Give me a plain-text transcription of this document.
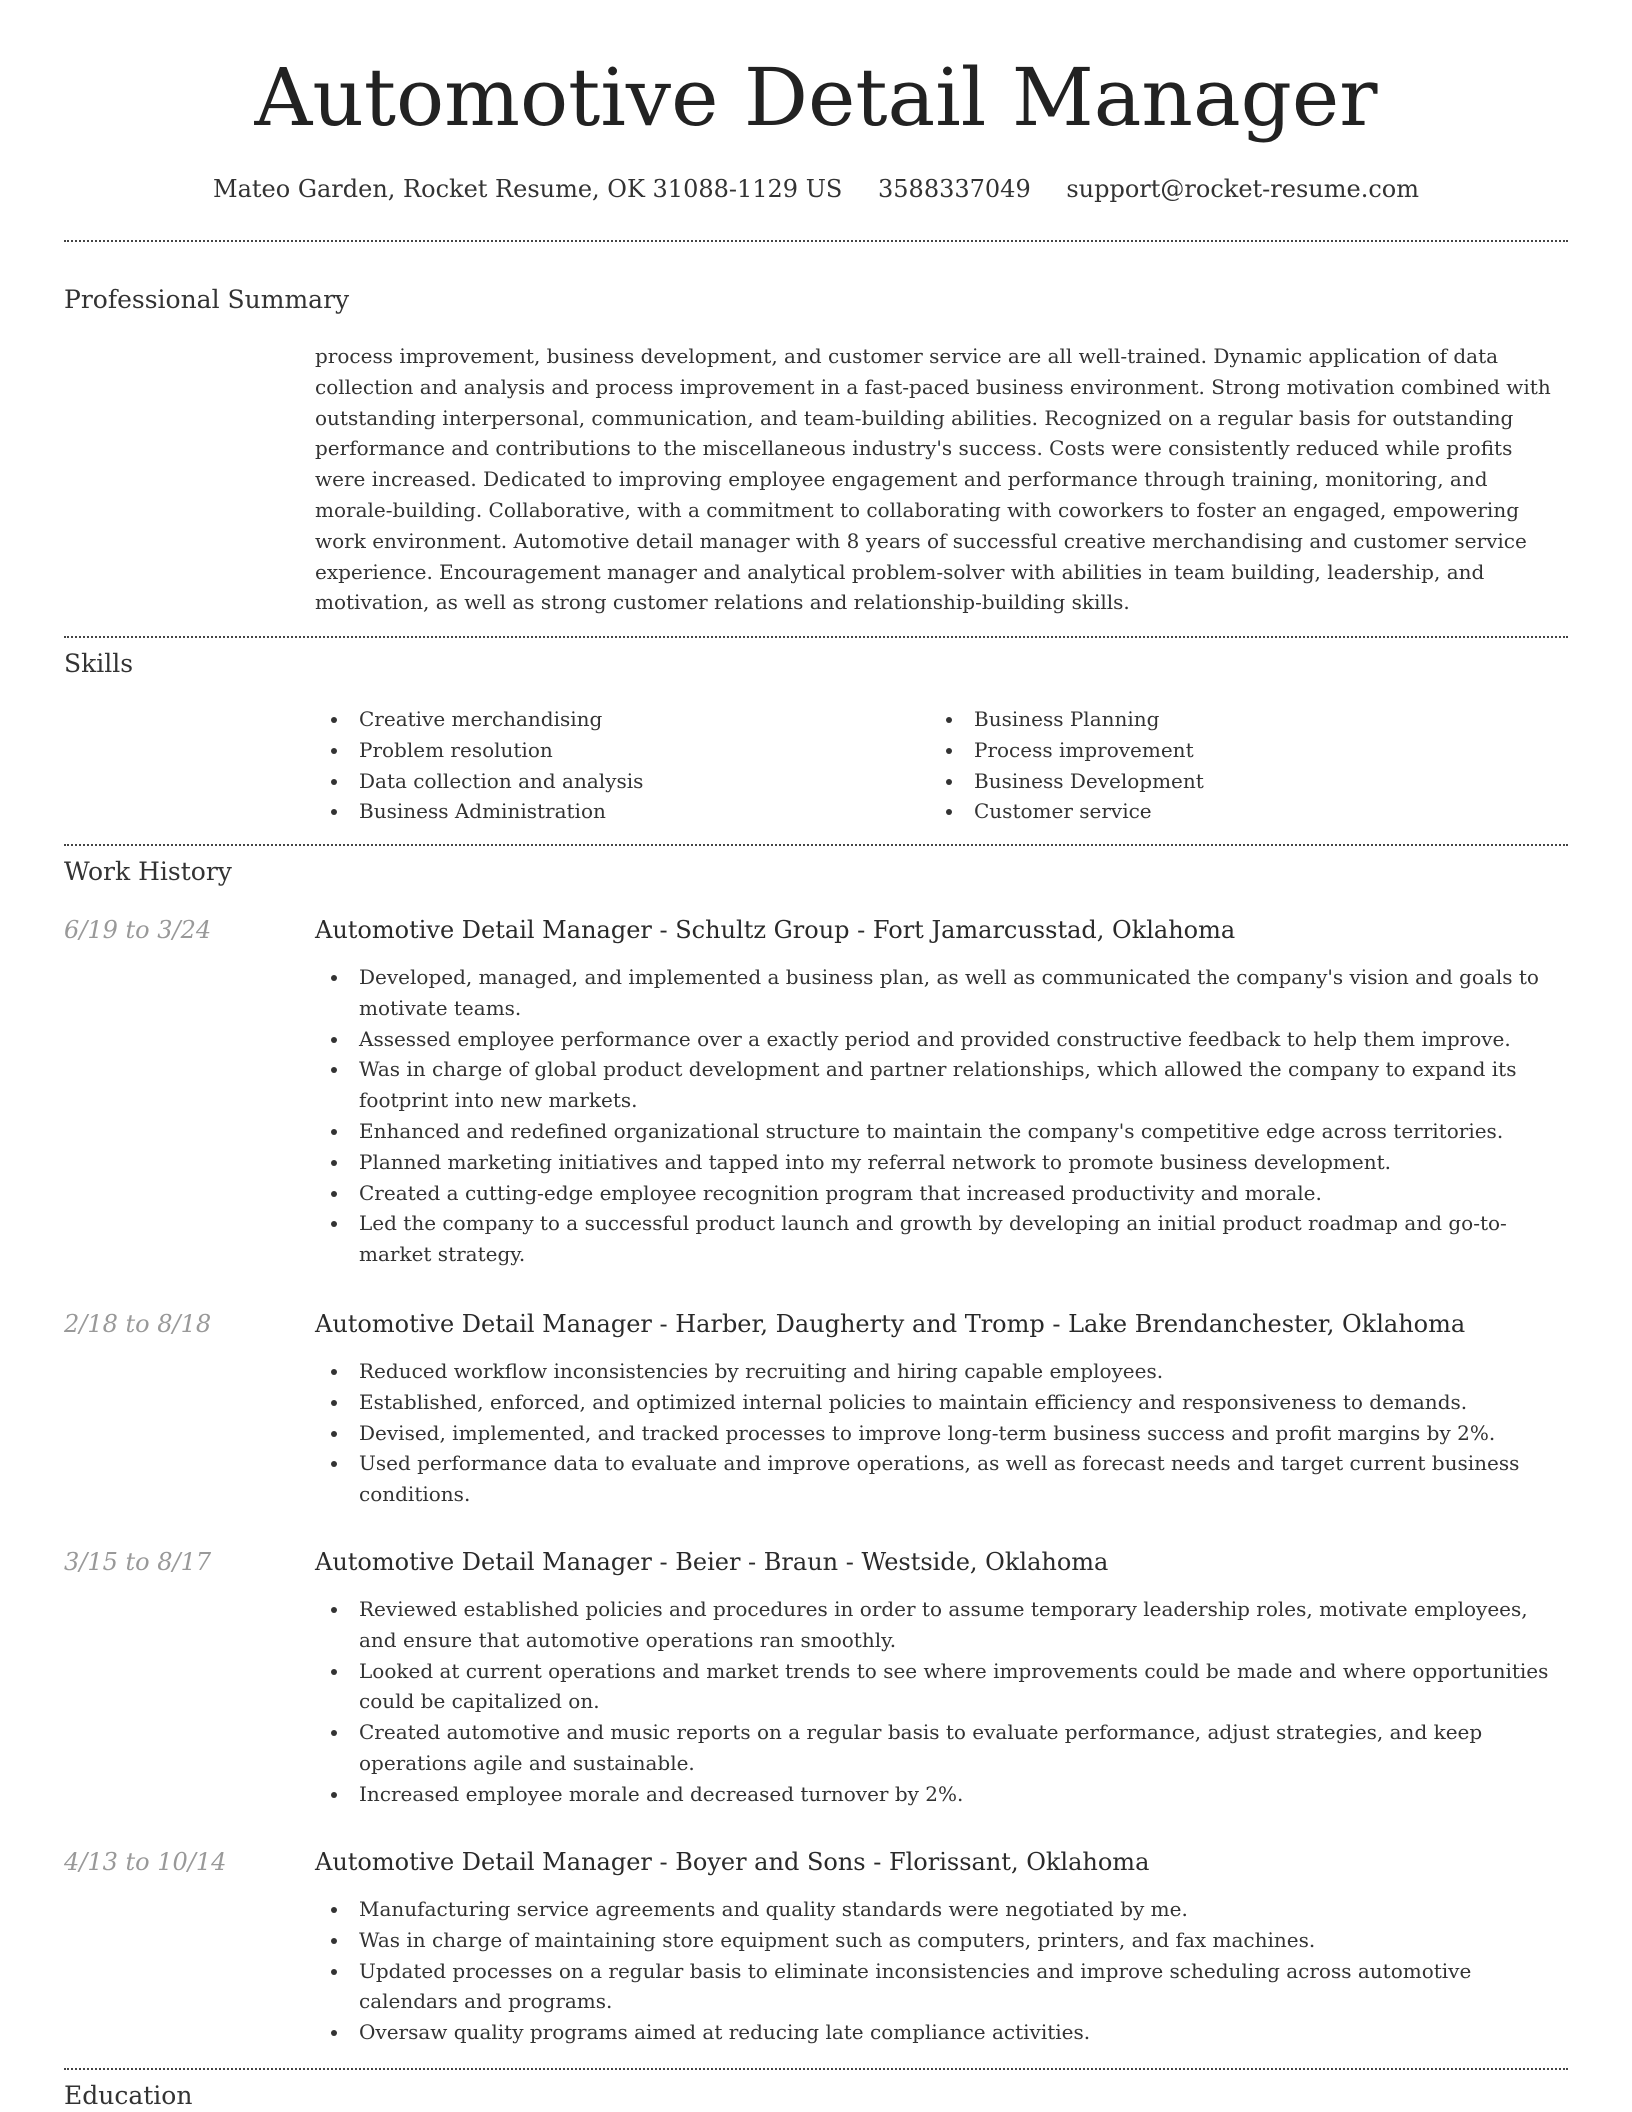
Automotive Detail Manager
Mateo Garden, Rocket Resume, OK 31088-1129 US 3588337049 support@rocket-resume.com
Professional Summary

process improvement, business development, and customer service are all well-trained. Dynamic application of data collection and analysis and process improvement in a fast-paced business environment. Strong motivation combined with outstanding interpersonal, communication, and team-building abilities. Recognized on a regular basis for outstanding performance and contributions to the miscellaneous industry's success. Costs were consistently reduced while profits were increased. Dedicated to improving employee engagement and performance through training, monitoring, and morale-building. Collaborative, with a commitment to collaborating with coworkers to foster an engaged, empowering work environment. Automotive detail manager with 8 years of successful creative merchandising and customer service experience. Encouragement manager and analytical problem-solver with abilities in team building, leadership, and motivation, as well as strong customer relations and relationship-building skills.

Skills
Creative merchandising
Problem resolution
Data collection and analysis
Business Administration
Business Planning
Process improvement
Business Development
Customer service
Work History
6/19 to 3/24	Automotive Detail Manager - Schultz Group - Fort Jamarcusstad, Oklahoma
Developed, managed, and implemented a business plan, as well as communicated the company's vision and goals to motivate teams.
Assessed employee performance over a exactly period and provided constructive feedback to help them improve.
Was in charge of global product development and partner relationships, which allowed the company to expand its footprint into new markets.
Enhanced and redefined organizational structure to maintain the company's competitive edge across territories.
Planned marketing initiatives and tapped into my referral network to promote business development.
Created a cutting-edge employee recognition program that increased productivity and morale.
Led the company to a successful product launch and growth by developing an initial product roadmap and go-to-market strategy.
2/18 to 8/18	Automotive Detail Manager - Harber, Daugherty and Tromp - Lake Brendanchester, Oklahoma
Reduced workflow inconsistencies by recruiting and hiring capable employees.
Established, enforced, and optimized internal policies to maintain efficiency and responsiveness to demands.
Devised, implemented, and tracked processes to improve long-term business success and profit margins by 2%.
Used performance data to evaluate and improve operations, as well as forecast needs and target current business conditions.
3/15 to 8/17	Automotive Detail Manager - Beier - Braun - Westside, Oklahoma
Reviewed established policies and procedures in order to assume temporary leadership roles, motivate employees, and ensure that automotive operations ran smoothly.
Looked at current operations and market trends to see where improvements could be made and where opportunities could be capitalized on.
Created automotive and music reports on a regular basis to evaluate performance, adjust strategies, and keep operations agile and sustainable.
Increased employee morale and decreased turnover by 2%.
4/13 to 10/14	Automotive Detail Manager - Boyer and Sons - Florissant, Oklahoma
Manufacturing service agreements and quality standards were negotiated by me.
Was in charge of maintaining store equipment such as computers, printers, and fax machines.
Updated processes on a regular basis to eliminate inconsistencies and improve scheduling across automotive calendars and programs.
Oversaw quality programs aimed at reducing late compliance activities.
Education
